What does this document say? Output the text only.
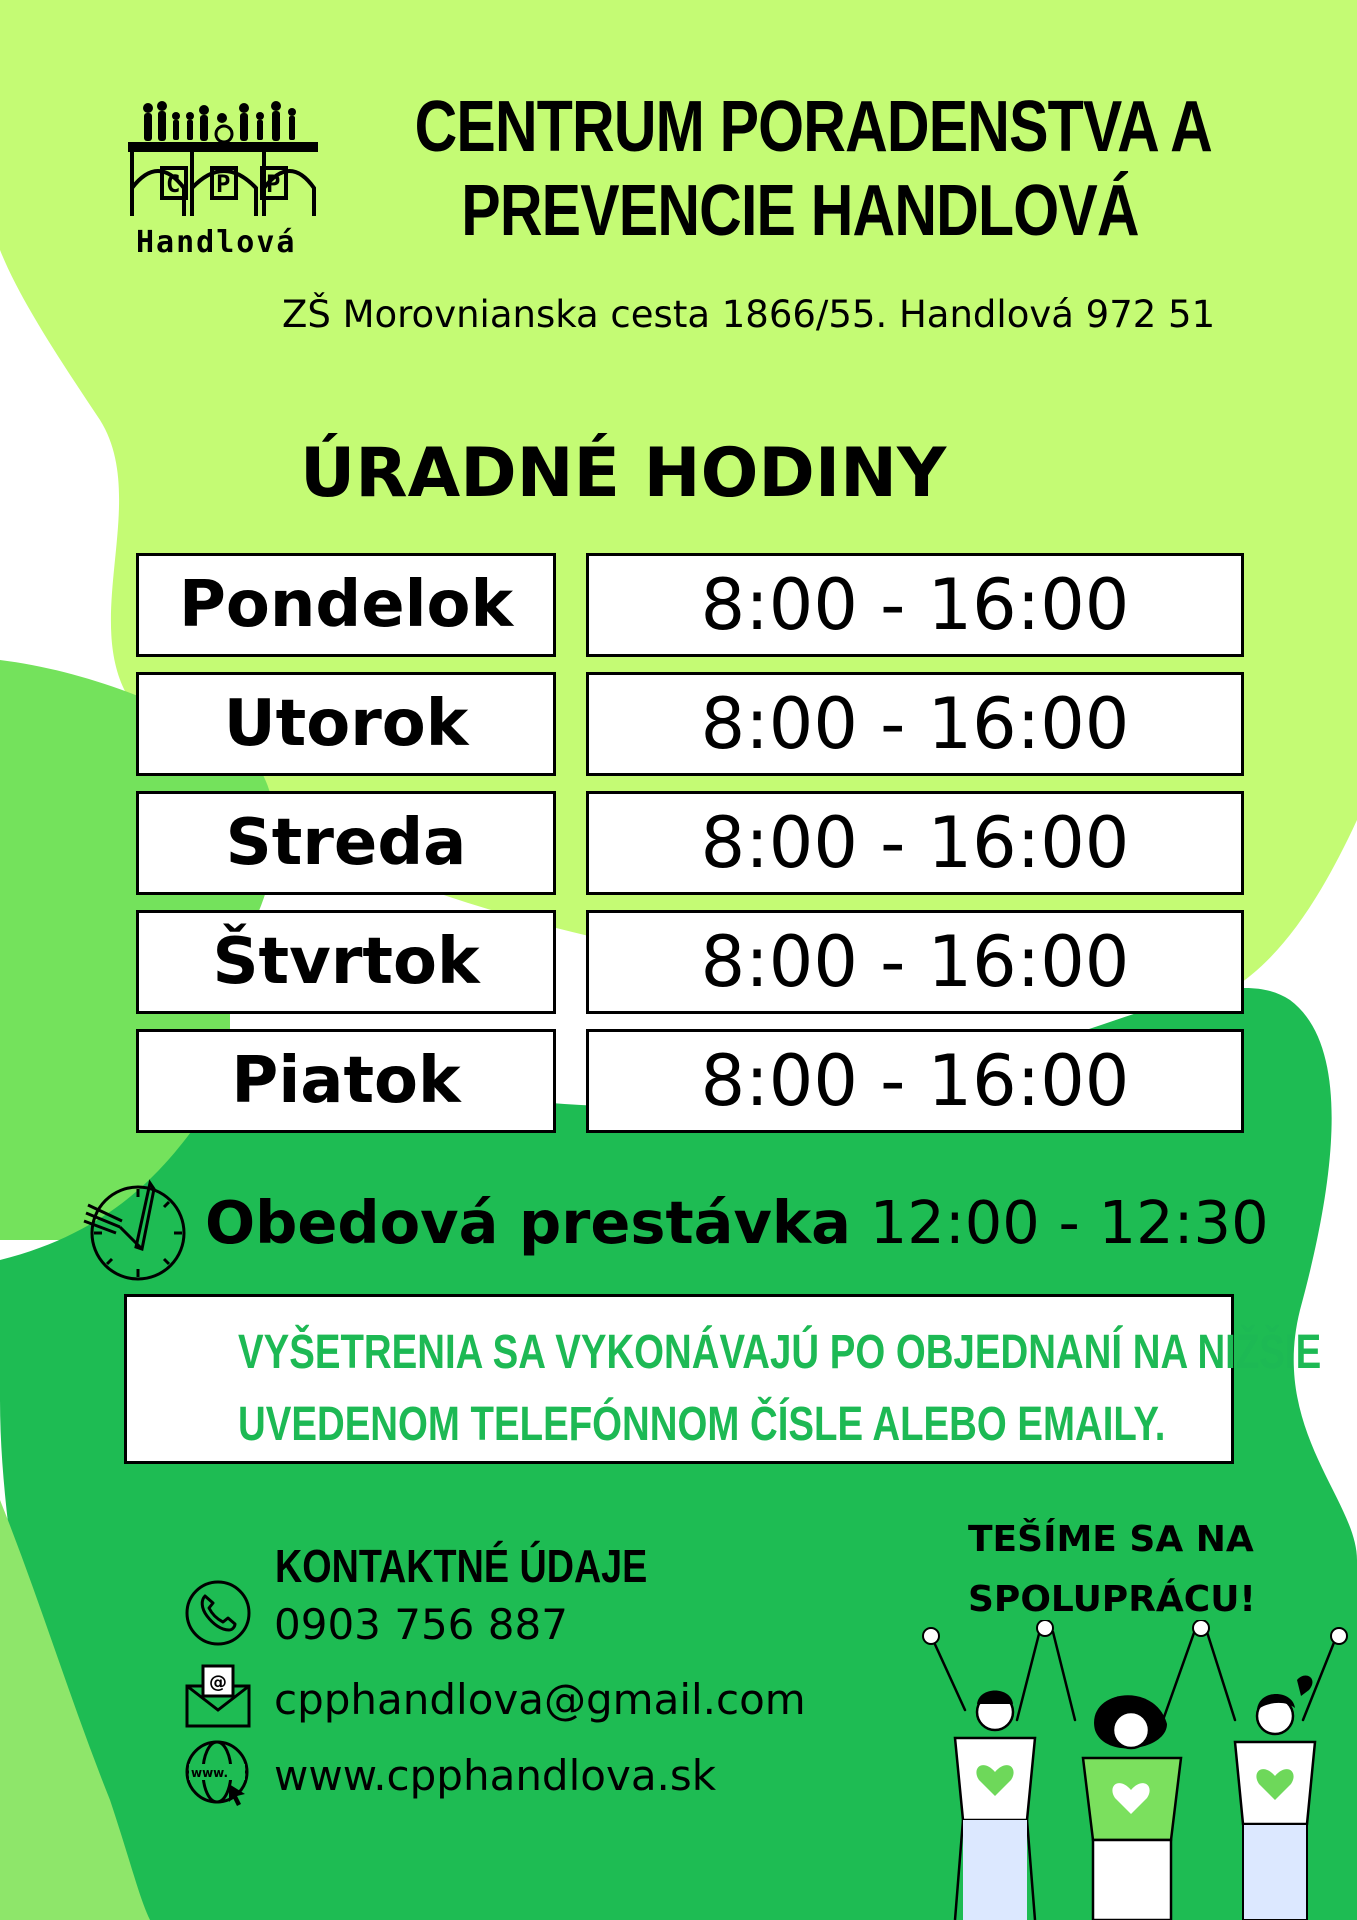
C P P
Handlová
CENTRUM PORADENSTVA A
PREVENCIE HANDLOVÁ
ZŠ Morovnianska cesta 1866/55. Handlová 972 51
ÚRADNÉ HODINY
Pondelok	8:00 - 16:00
Utorok	8:00 - 16:00
Streda	8:00 - 16:00
Štvrtok	8:00 - 16:00
Piatok	8:00 - 16:00
Obedová prestávka 12:00 - 12:30
VYŠETRENIA SA VYKONÁVAJÚ PO OBJEDNANÍ NA NIŽŠIE
UVEDENOM TELEFÓNNOM ČÍSLE ALEBO EMAILY.
KONTAKTNÉ ÚDAJE
0903 756 887
@ cpphandlova@gmail.com
www. www.cpphandlova.sk
TEŠÍME SA NA
SPOLUPRÁCU!
